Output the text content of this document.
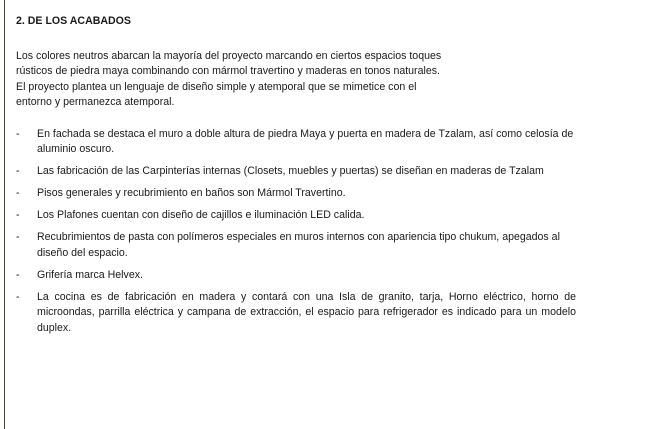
2. DE LOS ACABADOS
Los colores neutros abarcan la mayoría del proyecto marcando en ciertos espacios toques
rústicos de piedra maya combinando con mármol travertino y maderas en tonos naturales.
El proyecto plantea un lenguaje de diseño simple y atemporal que se mimetice con el
entorno y permanezca atemporal.
- En fachada se destaca el muro a doble altura de piedra Maya y puerta en madera de Tzalam, así como celosía de aluminio oscuro.
- Las fabricación de las Carpinterías internas (Closets, muebles y puertas) se diseñan en maderas de Tzalam
- Pisos generales y recubrimiento en baños son Mármol Travertino.
- Los Plafones cuentan con diseño de cajillos e iluminación LED calida.
- Recubrimientos de pasta con polímeros especiales en muros internos con apariencia tipo chukum, apegados al diseño del espacio.
- Grifería marca Helvex.
- La cocina es de fabricación en madera y contará con una Isla de granito, tarja, Horno eléctrico, horno de microondas, parrilla eléctrica y campana de extracción, el espacio para refrigerador es indicado para un modelo duplex.
